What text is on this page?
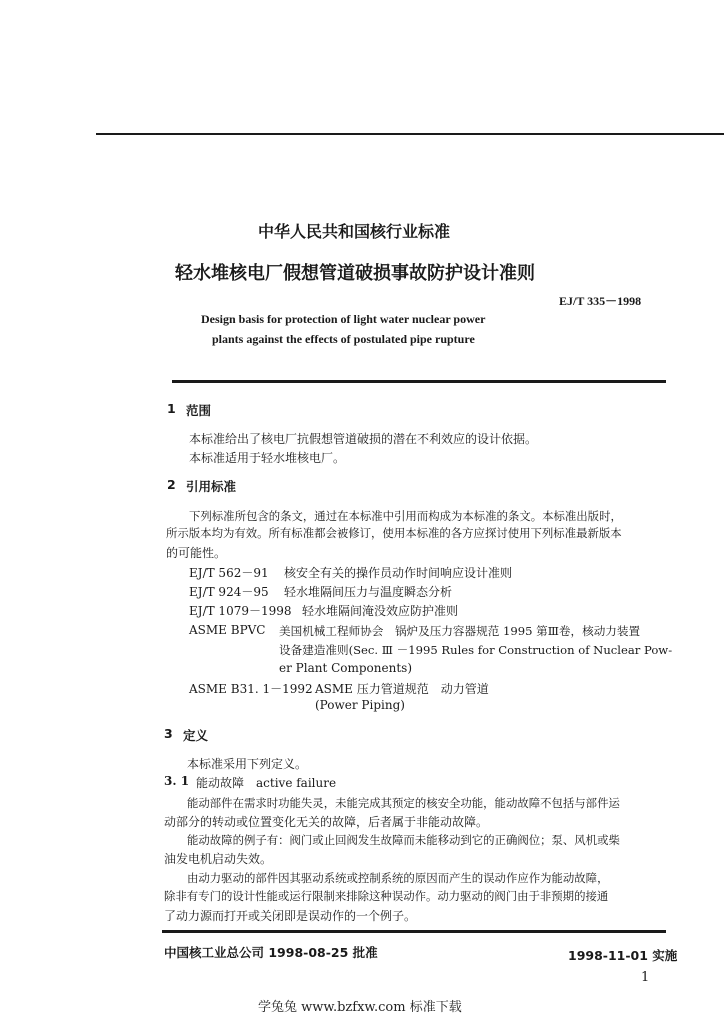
中华人民共和国核行业标准
轻水堆核电厂假想管道破损事故防护设计准则
EJ/T 335－1998
Design basis for protection of light water nuclear power
plants against the effects of postulated pipe rupture
1 范围
本标准给出了核电厂抗假想管道破损的潜在不利效应的设计依据。
本标准适用于轻水堆核电厂。
2 引用标准
下列标准所包含的条文，通过在本标准中引用而构成为本标准的条文。本标准出版时，
所示版本均为有效。所有标准都会被修订，使用本标准的各方应探讨使用下列标准最新版本
的可能性。
EJ/T 562－91 核安全有关的操作员动作时间响应设计准则
EJ/T 924－95 轻水堆隔间压力与温度瞬态分析
EJ/T 1079－1998 轻水堆隔间淹没效应防护准则
ASME BPVC 美国机械工程师协会　锅炉及压力容器规范 1995 第Ⅲ卷，核动力装置
设备建造准则(Sec. Ⅲ －1995 Rules for Construction of Nuclear Pow-
er Plant Components)
ASME B31. 1－1992 ASME 压力管道规范　动力管道
(Power Piping)
3 定义
本标准采用下列定义。
3. 1 能动故障　active failure
能动部件在需求时功能失灵，未能完成其预定的核安全功能，能动故障不包括与部件运
动部分的转动或位置变化无关的故障，后者属于非能动故障。
能动故障的例子有：阀门或止回阀发生故障而未能移动到它的正确阀位；泵、风机或柴
油发电机启动失效。
由动力驱动的部件因其驱动系统或控制系统的原因而产生的误动作应作为能动故障，
除非有专门的设计性能或运行限制来排除这种误动作。动力驱动的阀门由于非预期的接通
了动力源而打开或关闭即是误动作的一个例子。
中国核工业总公司 1998-08-25 批准	1998-11-01 实施
1
学兔兔 www.bzfxw.com 标准下载
